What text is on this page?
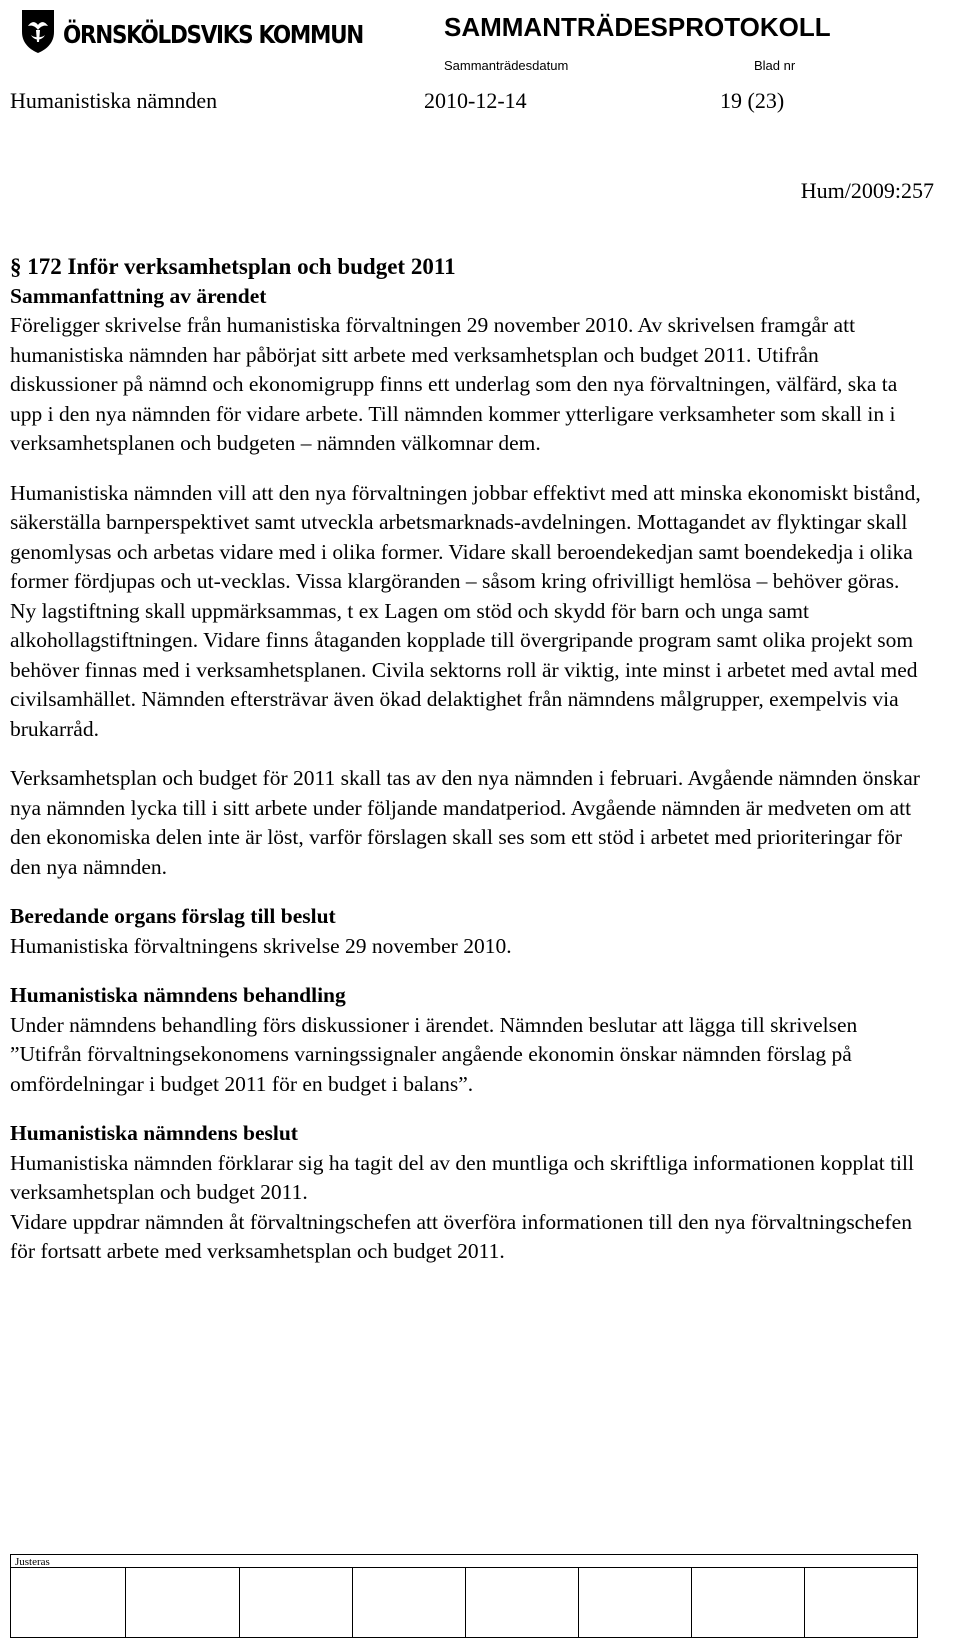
ÖRNSKÖLDSVIKS KOMMUN	SAMMANTRÄDESPROTOKOLL
Sammanträdesdatum	Blad nr
Humanistiska nämnden	2010-12-14	19 (23)
Hum/2009:257

§ 172 Inför verksamhetsplan och budget 2011

Sammanfattning av ärendet

Föreligger skrivelse från humanistiska förvaltningen 29 november 2010. Av skrivelsen framgår att humanistiska nämnden har påbörjat sitt arbete med verksamhetsplan och budget 2011. Utifrån diskussioner på nämnd och ekonomigrupp finns ett underlag som den nya förvaltningen, välfärd, ska ta upp i den nya nämnden för vidare arbete. Till nämnden kommer ytterligare verksamheter som skall in i verksamhetsplanen och budgeten – nämnden välkomnar dem.

Humanistiska nämnden vill att den nya förvaltningen jobbar effektivt med att minska ekonomiskt bistånd, säkerställa barnperspektivet samt utveckla arbetsmarknads-avdelningen. Mottagandet av flyktingar skall genomlysas och arbetas vidare med i olika former. Vidare skall beroendekedjan samt boendekedja i olika former fördjupas och ut-vecklas. Vissa klargöranden – såsom kring ofrivilligt hemlösa – behöver göras.

Ny lagstiftning skall uppmärksammas, t ex Lagen om stöd och skydd för barn och unga samt alkohollagstiftningen. Vidare finns åtaganden kopplade till övergripande program samt olika projekt som behöver finnas med i verksamhetsplanen. Civila sektorns roll är viktig, inte minst i arbetet med avtal med civilsamhället. Nämnden eftersträvar även ökad delaktighet från nämndens målgrupper, exempelvis via brukarråd.

Verksamhetsplan och budget för 2011 skall tas av den nya nämnden i februari. Avgående nämnden önskar nya nämnden lycka till i sitt arbete under följande mandatperiod. Avgående nämnden är medveten om att den ekonomiska delen inte är löst, varför förslagen skall ses som ett stöd i arbetet med prioriteringar för den nya nämnden.

Beredande organs förslag till beslut

Humanistiska förvaltningens skrivelse 29 november 2010.

Humanistiska nämndens behandling

Under nämndens behandling förs diskussioner i ärendet. Nämnden beslutar att lägga till skrivelsen ”Utifrån förvaltningsekonomens varningssignaler angående ekonomin önskar nämnden förslag på omfördelningar i budget 2011 för en budget i balans”.

Humanistiska nämndens beslut

Humanistiska nämnden förklarar sig ha tagit del av den muntliga och skriftliga informationen kopplat till verksamhetsplan och budget 2011.

Vidare uppdrar nämnden åt förvaltningschefen att överföra informationen till den nya förvaltningschefen för fortsatt arbete med verksamhetsplan och budget 2011.

Justeras
